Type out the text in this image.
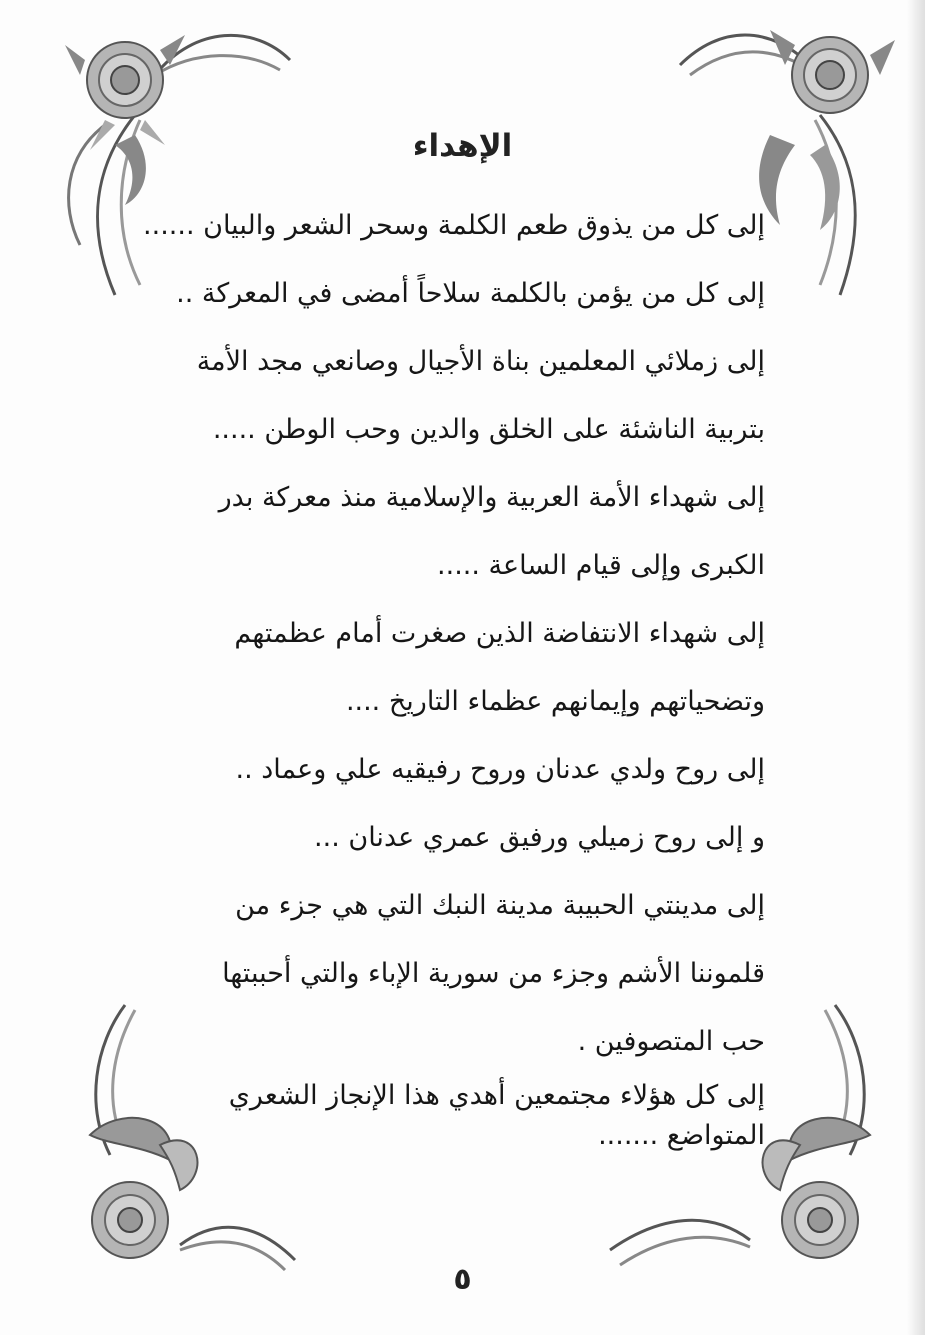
الإهداء
إلى كل من يذوق طعم الكلمة وسحر الشعر والبيان ......
إلى كل من يؤمن بالكلمة سلاحاً أمضى في المعركة ..
إلى زملائي المعلمين بناة الأجيال وصانعي مجد الأمة
بتربية الناشئة على الخلق والدين وحب الوطن .....
إلى شهداء الأمة العربية والإسلامية منذ معركة بدر
الكبرى وإلى قيام الساعة .....
إلى شهداء الانتفاضة الذين صغرت أمام عظمتهم
وتضحياتهم وإيمانهم عظماء التاريخ ....
إلى روح ولدي عدنان وروح رفيقيه علي وعماد ..
و إلى روح زميلي ورفيق عمري عدنان ...
إلى مدينتي الحبيبة مدينة النبك التي هي جزء من
قلموننا الأشم وجزء من سورية الإباء والتي أحببتها
حب المتصوفين .
إلى كل هؤلاء مجتمعين أهدي هذا الإنجاز الشعري
المتواضع .......
٥
